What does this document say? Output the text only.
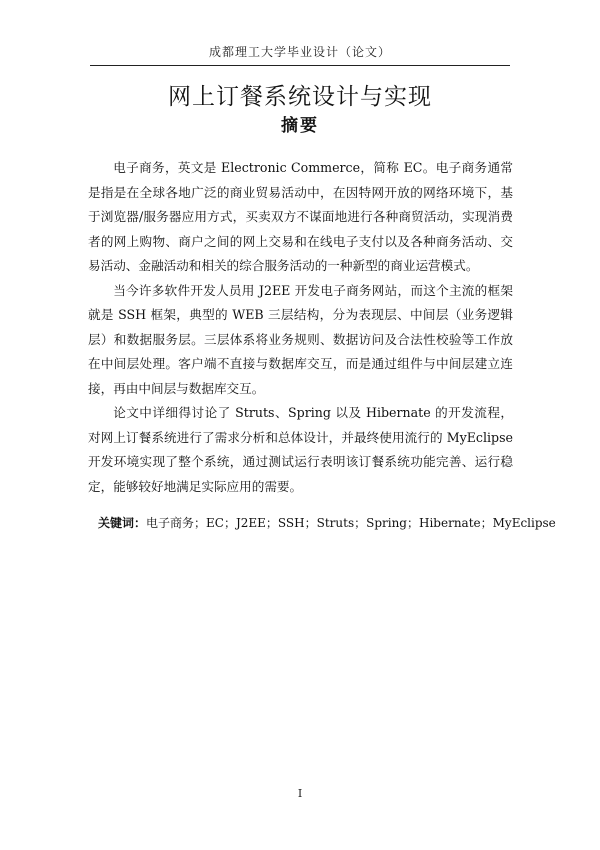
成都理工大学毕业设计（论文）
网上订餐系统设计与实现
摘要

电子商务，英文是 Electronic Commerce，简称 EC。电子商务通常是指是在全球各地广泛的商业贸易活动中，在因特网开放的网络环境下，基于浏览器/服务器应用方式，买卖双方不谋面地进行各种商贸活动，实现消费者的网上购物、商户之间的网上交易和在线电子支付以及各种商务活动、交易活动、金融活动和相关的综合服务活动的一种新型的商业运营模式。

当今许多软件开发人员用 J2EE 开发电子商务网站，而这个主流的框架就是 SSH 框架，典型的 WEB 三层结构，分为表现层、中间层（业务逻辑层）和数据服务层。三层体系将业务规则、数据访问及合法性校验等工作放在中间层处理。客户端不直接与数据库交互，而是通过组件与中间层建立连接，再由中间层与数据库交互。

论文中详细得讨论了 Struts、Spring 以及 Hibernate 的开发流程，对网上订餐系统进行了需求分析和总体设计，并最终使用流行的 MyEclipse 开发环境实现了整个系统，通过测试运行表明该订餐系统功能完善、运行稳定，能够较好地满足实际应用的需要。

关键词：电子商务；EC；J2EE；SSH；Struts；Spring；Hibernate；MyEclipse
I
